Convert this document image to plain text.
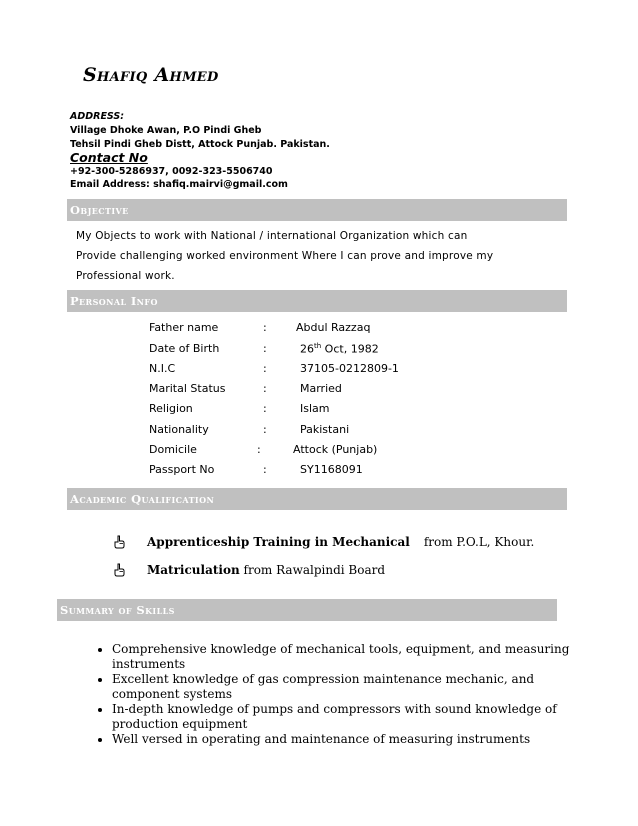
Shafiq Ahmed
ADDRESS:
Village Dhoke Awan, P.O Pindi Gheb
Tehsil Pindi Gheb Distt, Attock Punjab. Pakistan.
Contact No
+92-300-5286937, 0092-323-5506740
Email Address: shafiq.mairvi@gmail.com
Objective
My Objects to work with National / international Organization which can
Provide challenging worked environment Where I can prove and improve my
Professional work.
Personal Info
Father name	:	Abdul Razzaq
Date of Birth	:	26th Oct, 1982
N.I.C	:	37105-0212809-1
Marital Status	:	Married
Religion	:	Islam
Nationality	:	Pakistani
Domicile	:	Attock (Punjab)
Passport No	:	SY1168091
Academic Qualification
Apprenticeship Training in Mechanical from P.O.L, Khour.
Matriculation from Rawalpindi Board
Summary of Skills
• Comprehensive knowledge of mechanical tools, equipment, and measuring instruments
• Excellent knowledge of gas compression maintenance mechanic, and component systems
• In-depth knowledge of pumps and compressors with sound knowledge of production equipment
• Well versed in operating and maintenance of measuring instruments
